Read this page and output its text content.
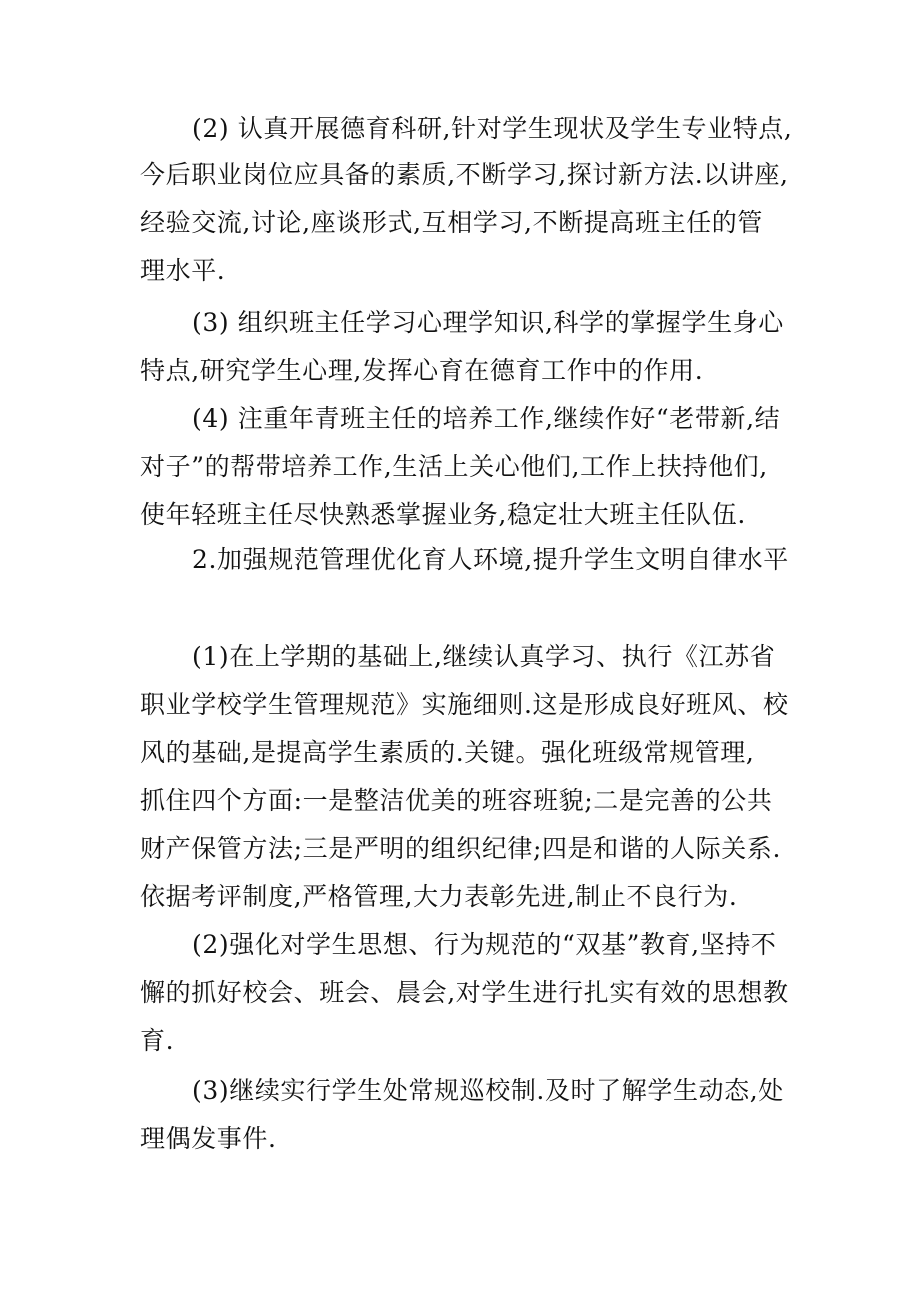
(2) 认真开展德育科研,针对学生现状及学生专业特点,
今后职业岗位应具备的素质,不断学习,探讨新方法.以讲座,
经验交流,讨论,座谈形式,互相学习,不断提高班主任的管
理水平.
(3) 组织班主任学习心理学知识,科学的掌握学生身心
特点,研究学生心理,发挥心育在德育工作中的作用.
(4) 注重年青班主任的培养工作,继续作好“老带新,结
对子”的帮带培养工作,生活上关心他们,工作上扶持他们,
使年轻班主任尽快熟悉掌握业务,稳定壮大班主任队伍.
2.加强规范管理优化育人环境,提升学生文明自律水平
(1)在上学期的基础上,继续认真学习、执行《江苏省
职业学校学生管理规范》实施细则.这是形成良好班风、校
风的基础,是提高学生素质的.关键。强化班级常规管理,
抓住四个方面:一是整洁优美的班容班貌;二是完善的公共
财产保管方法;三是严明的组织纪律;四是和谐的人际关系.
依据考评制度,严格管理,大力表彰先进,制止不良行为.
(2)强化对学生思想、行为规范的“双基”教育,坚持不
懈的抓好校会、班会、晨会,对学生进行扎实有效的思想教
育.
(3)继续实行学生处常规巡校制.及时了解学生动态,处
理偶发事件.
